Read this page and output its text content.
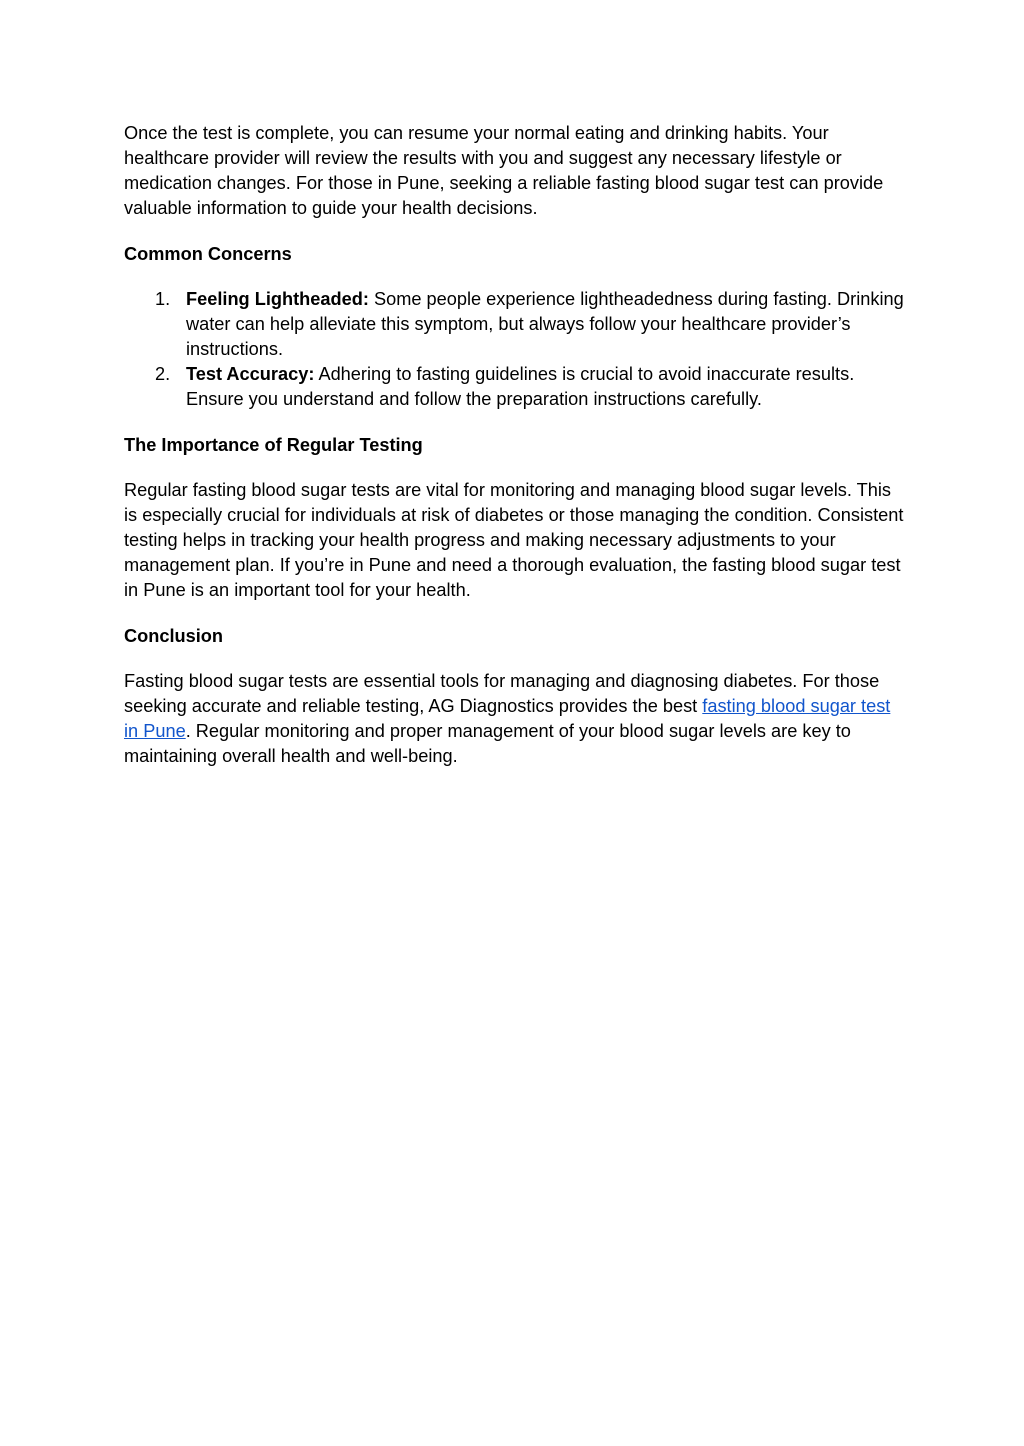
Once the test is complete, you can resume your normal eating and drinking habits. Your healthcare provider will review the results with you and suggest any necessary lifestyle or medication changes. For those in Pune, seeking a reliable fasting blood sugar test can provide valuable information to guide your health decisions.

Common Concerns

1. Feeling Lightheaded: Some people experience lightheadedness during fasting. Drinking water can help alleviate this symptom, but always follow your healthcare provider’s instructions.
2. Test Accuracy: Adhering to fasting guidelines is crucial to avoid inaccurate results. Ensure you understand and follow the preparation instructions carefully.

The Importance of Regular Testing

Regular fasting blood sugar tests are vital for monitoring and managing blood sugar levels. This is especially crucial for individuals at risk of diabetes or those managing the condition. Consistent testing helps in tracking your health progress and making necessary adjustments to your management plan. If you’re in Pune and need a thorough evaluation, the fasting blood sugar test in Pune is an important tool for your health.

Conclusion

Fasting blood sugar tests are essential tools for managing and diagnosing diabetes. For those seeking accurate and reliable testing, AG Diagnostics provides the best fasting blood sugar test in Pune. Regular monitoring and proper management of your blood sugar levels are key to maintaining overall health and well-being.
